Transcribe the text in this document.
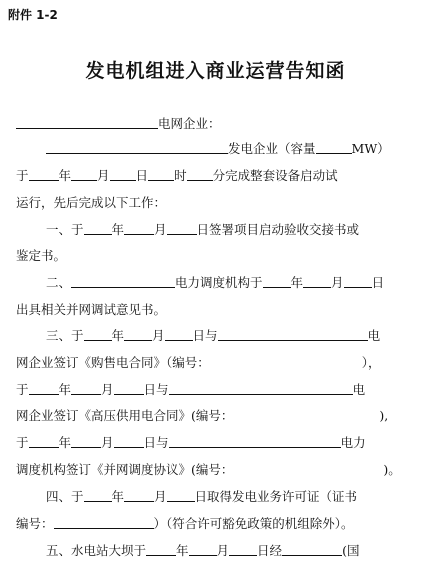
附件 1-2
发电机组进入商业运营告知函
电网企业：
发电企业（容量	MW）
于 年 月 日 时 分完成整套设备启动试
运行，先后完成以下工作：
一、于 年 月 日签署项目启动验收交接书或
鉴定书。
二、	电力调度机构于 年 月 日
出具相关并网调试意见书。
三、于 年 月 日与	电
网企业签订《购售电合同》（编号：	），
于 年 月 日与	电
网企业签订《高压供用电合同》(编号：	),
于 年 月 日与	电力
调度机构签订《并网调度协议》(编号：	)。
四、于 年 月 日取得发电业务许可证（证书
编号：	）（符合许可豁免政策的机组除外）。
五、水电站大坝于 年 月 日经	(国
